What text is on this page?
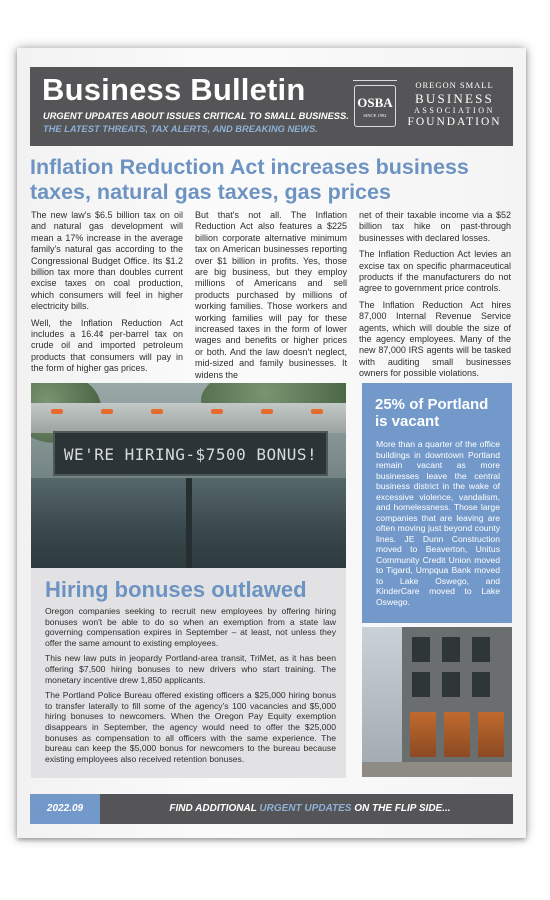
Business Bulletin
URGENT UPDATES ABOUT ISSUES CRITICAL TO SMALL BUSINESS.
THE LATEST THREATS, TAX ALERTS, AND BREAKING NEWS.
OSBA
SINCE 1992
OREGON SMALL
BUSINESS
ASSOCIATION
FOUNDATION
Inflation Reduction Act increases business taxes, natural gas taxes, gas prices

The new law's $6.5 billion tax on oil and natural gas development will mean a 17% increase in the average family's natural gas according to the Congressional Budget Office. Its $1.2 billion tax more than doubles current excise taxes on coal production, which consumers will feel in higher electricity bills.

Well, the Inflation Reduction Act includes a 16.4¢ per-barrel tax on crude oil and imported petroleum products that consumers will pay in the form of higher gas prices.

But that's not all. The Inflation Reduction Act also features a $225 billion corporate alternative minimum tax on American businesses reporting over $1 billion in profits. Yes, those are big business, but they employ millions of Americans and sell products purchased by millions of working families. Those workers and working families will pay for these increased taxes in the form of lower wages and benefits or higher prices or both. And the law doesn't neglect, mid-sized and family businesses. It widens the

net of their taxable income via a $52 billion tax hike on past-through businesses with declared losses.

The Inflation Reduction Act levies an excise tax on specific pharmaceutical products if the manufacturers do not agree to government price controls.

The Inflation Reduction Act hires 87,000 Internal Revenue Service agents, which will double the size of the agency employees. Many of the new 87,000 IRS agents will be tasked with auditing small businesses owners for possible violations.

WE'RE HIRING-$7500 BONUS!
Hiring bonuses outlawed

Oregon companies seeking to recruit new employees by offering hiring bonuses won't be able to do so when an exemption from a state law governing compensation expires in September – at least, not unless they offer the same amount to existing employees.

This new law puts in jeopardy Portland-area transit, TriMet, as it has been offering $7,500 hiring bonuses to new drivers who start training. The monetary incentive drew 1,850 applicants.

The Portland Police Bureau offered existing officers a $25,000 hiring bonus to transfer laterally to fill some of the agency's 100 vacancies and $5,000 hiring bonuses to newcomers. When the Oregon Pay Equity exemption disappears in September, the agency would need to offer the $25,000 bonuses as compensation to all officers with the same experience. The bureau can keep the $5,000 bonus for newcomers to the bureau because existing employees also received retention bonuses.

25% of Portland is vacant
More than a quarter of the office buildings in downtown Portland remain vacant as more businesses leave the central business district in the wake of excessive violence, vandalism, and homelessness. Those large companies that are leaving are often moving just beyond county lines. JE Dunn Construction moved to Beaverton, Unitus Community Credit Union moved to Tigard, Umpqua Bank moved to Lake Oswego, and KinderCare moved to Lake Oswego.
2022.09	FIND ADDITIONAL URGENT UPDATES ON THE FLIP SIDE...
